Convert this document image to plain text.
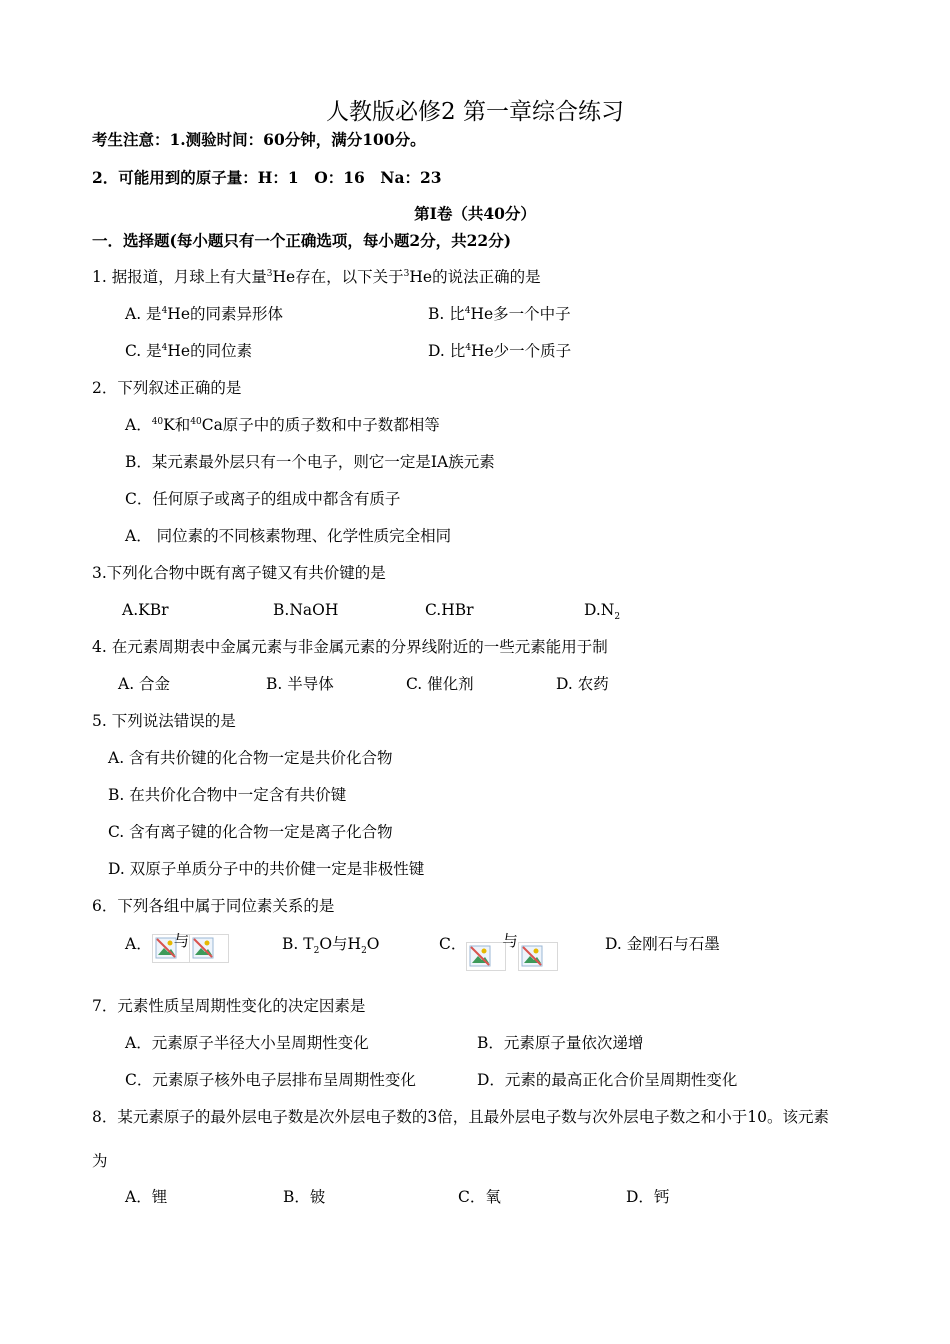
人教版必修2 第一章综合练习
考生注意：1.测验时间：60分钟，满分100分。
2．可能用到的原子量：H：1　O：16　Na：23
第Ⅰ卷（共40分）
一．选择题(每小题只有一个正确选项，每小题2分，共22分)
1. 据报道，月球上有大量$^3$He存在，以下关于$^3$He的说法正确的是
A. 是$^4$He的同素异形体	B. 比$^4$He多一个中子
C. 是$^4$He的同位素	D. 比$^4$He少一个质子
2．下列叙述正确的是
A．$^{40}$K和$^{40}$Ca原子中的质子数和中子数都相等
B．某元素最外层只有一个电子，则它一定是ⅠA族元素
C．任何原子或离子的组成中都含有质子
A． 同位素的不同核素物理、化学性质完全相同
3.下列化合物中既有离子键又有共价键的是
A.KBr	B.NaOH	C.HBr	$D.N_2$
4. 在元素周期表中金属元素与非金属元素的分界线附近的一些元素能用于制
A. 合金	B. 半导体	C. 催化剂	D. 农药
5. 下列说法错误的是
A. 含有共价键的化合物一定是共价化合物
B. 在共价化合物中一定含有共价键
C. 含有离子键的化合物一定是离子化合物
D. 双原子单质分子中的共价健一定是非极性键
6．下列各组中属于同位素关系的是
A． 与	B. $T_2O$与$H_2O$	C． 与	D. 金刚石与石墨
7．元素性质呈周期性变化的决定因素是
A．元素原子半径大小呈周期性变化	B．元素原子量依次递增
C．元素原子核外电子层排布呈周期性变化	D．元素的最高正化合价呈周期性变化
8．某元素原子的最外层电子数是次外层电子数的3倍，且最外层电子数与次外层电子数之和小于10。该元素
为
A．锂	B．铍	C．氧	D．钙
